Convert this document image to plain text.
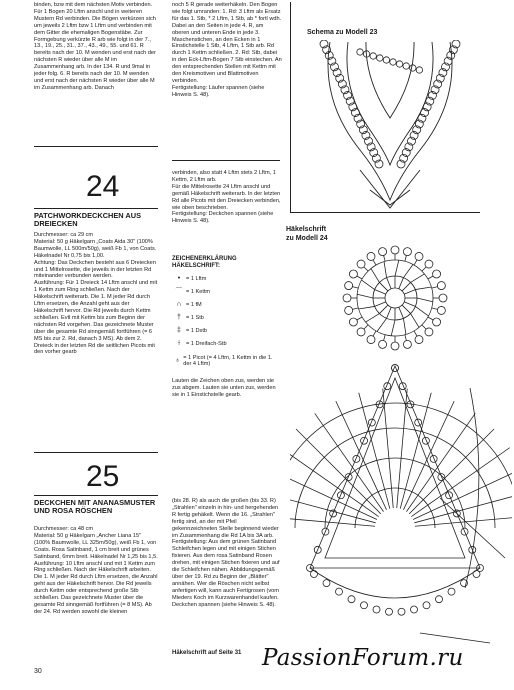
binden, bzw mit dem nächsten Motiv verbinden.
Für 1 Bogen 20 Lftm anschl und in weiteren Mustern Rd verbinden. Die Bögen verkürzen sich um jeweils 2 Lftm bzw 1 Lftm und verbinden mit dem Gitter die ehemaligen Bogenstäbe. Zur Formgebung verkürzte R arb wie folgt in der 7., 13., 19., 25., 31., 37., 43., 49., 55. und 61. R bereits nach der 10. M wenden und erst nach der nächsten R wieder über alle M im Zusammenhang arb. In der 134. R und 9mal in jeder folg. 6. R bereits nach der 10. M wenden und erst nach der nächsten R wieder über alle M im Zusammenhang arb. Danach

noch 5 R gerade weiterhäkeln. Den Bogen wie folgt umranden: 1. Rd: 3 Lftm als Ersatz für das 1. Stb, * 2 Lftm, 1 Stb, ab * fortl wdh. Dabei an den Seiten in jede 4. R, am oberen und unteren Ende in jede 3. Maschenstichen, an den Ecken in 1 Einstichstelle 1 Stb, 4 Lftm, 1 Stb arb. Rd durch 1 Kettm schließen. 2. Rd: Stb, dabei in den Eck-Lftm-Bogen 7 Stb einstechen. An den entsprechenden Stellen mit Kettm mit den Kreismotiven und Blattmotiven verbinden.
Fertigstellung: Läufer spannen (siehe Hinweis S. 48).

24
PATCHWORKDECKCHEN AUS DREIECKEN

Durchmesser: ca 29 cm
Material: 50 g Häkelgarn „Coats Aida 30" (100% Baumwolle, LL 500m/50g), weiß Fb 1, von Coats. Häkelnadel Nr 0,75 bis 1,00.
Achtung: Das Deckchen besteht aus 6 Dreiecken und 1 Mittelrosette, die jeweils in der letzten Rd miteinander verbunden werden.
Ausführung: Für 1 Dreieck 14 Lftm anschl und mit 1 Kettm zum Ring schließen. Nach der Häkelschrift weiterarb. Die 1. M jeder Rd durch Lftm ersetzen, die Anzahl geht aus der Häkelschrift hervor. Die Rd jeweils durch Kettm schließen. Evtl mit Kettm bis zum Beginn der nächsten Rd vorgehen. Das gezeichnete Muster über die gesamte Rd sinngemäß fortführen (= 6 MS bis zur 2. Rd, danach 3 MS). Ab dem 2. Dreieck in der letzten Rd die seitlichen Picots mit den vorher gearb

verbinden, also statt 4 Lftm stets 2 Lftm, 1 Kettm, 2 Lftm arb.
Für die Mittelrosette 24 Lftm anschl und gemäß Häkelschrift weiterarb. In der letzten Rd alle Picots mit den Dreiecken verbinden, wie oben beschrieben.
Fertigstellung: Deckchen spannen (siehe Hinweis S. 48).

ZEICHENERKLÄRUNG
HÄKELSCHRIFT:
•	= 1 Lftm
⌒ = 1 Kettm
∩ = 1 fM
† = 1 Stb
‡ = 1 Dstb
⟊	= 1 Dreifach-Stb
♁ = 1 Picot (= 4 Lftm, 1 Kettm in die 1. der 4 Lftm)

Lauten die Zeichen oben zus, werden sie zus abgem. Lauten sie unten zus, werden sie in 1 Einstichstelle gearb.

25
DECKCHEN MIT ANANASMUSTER UND ROSA RÖSCHEN

Durchmesser: ca 48 cm
Material: 50 g Häkelgarn „Ancher Liana 15" (100% Baumwolle, LL 325m/50g), weiß Fb 1, von Coats. Rosa Satinband, 1 cm breit und grünes Satinband, 6mm breit. Häkelnadel Nr 1,25 bis 1,5.
Ausführung: 10 Lftm anschl und mit 1 Kettm zum Ring schließen. Nach der Häkelschrift arbeiten. Die 1. M jeder Rd durch Lftm ersetzen, die Anzahl geht aus der Häkelschrift hervor. Die Rd jeweils durch Kettm oder entsprechend große Stb schließen. Das gezeichnete Muster über die gesamte Rd sinngemäß fortführen (= 8 MS). Ab der 24. Rd werden sowohl die kleinen

(bis 28. R) als auch die großen (bis 33. R) „Strahlen" einzeln in hin- und hergehenden R fertig gehäkelt. Wenn die 16. „Strahlen" fertig sind, an der mit Pfeil gekennzeichneten Stelle beginnend wieder im Zusammenhang die Rd 1A bis 3A arb.
Fertigstellung: Aus dem grünen Satinband Schleifchen legen und mit einigen Stichen fixieren. Aus dem rosa Satinband Rosen drehen, mit einigen Stichen fixieren und auf die Schleifchen nähen. Abbildungsgemäß über der 19. Rd zu Beginn der „Blätter" annähen. Wer die Röschen nicht selbst anfertigen will, kann auch Fertigrosen (vom Mieders Koch im Kurzwarenhandel kaufen. Deckchen spannen (siehe Hinweis S. 48).

Häkelschrift auf Seite 31
30
Schema zu Modell 23
Häkelschrift
zu Modell 24
PassionForum.ru
